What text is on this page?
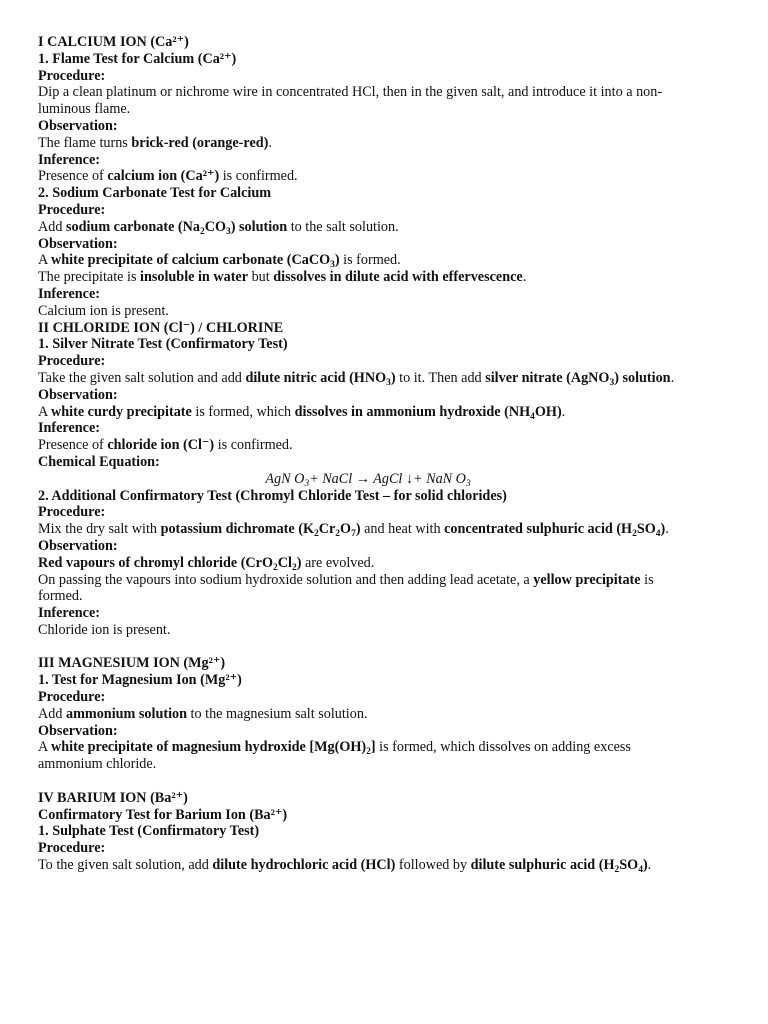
I CALCIUM ION (Ca²⁺)
1. Flame Test for Calcium (Ca²⁺)
Procedure:
Dip a clean platinum or nichrome wire in concentrated HCl, then in the given salt, and introduce it into a non-luminous flame.
Observation:
The flame turns brick-red (orange-red).
Inference:
Presence of calcium ion (Ca²⁺) is confirmed.
2. Sodium Carbonate Test for Calcium
Procedure:
Add sodium carbonate $(Na_2CO_3)$ solution to the salt solution.
Observation:
A white precipitate of calcium carbonate (CaCO$_3$) is formed.
The precipitate is insoluble in water but dissolves in dilute acid with effervescence.
Inference:
Calcium ion is present.
II CHLORIDE ION (Cl⁻) / CHLORINE
1. Silver Nitrate Test (Confirmatory Test)
Procedure:
Take the given salt solution and add dilute nitric acid $(HNO_3)$ to it. Then add silver nitrate (AgNO$_3$) solution.
Observation:
A white curdy precipitate is formed, which dissolves in ammonium hydroxide $(NH_4OH)$.
Inference:
Presence of chloride ion (Cl⁻) is confirmed.
Chemical Equation:
AgN $O_3+$ NaCl → AgCl ↓+ NaN $O_3$
2. Additional Confirmatory Test (Chromyl Chloride Test – for solid chlorides)
Procedure:
Mix the dry salt with potassium dichromate $(K_2Cr_2O_7)$ and heat with concentrated sulphuric acid $(H_2SO_4)$.
Observation:
Red vapours of chromyl chloride $(CrO_2Cl_2)$ are evolved.
On passing the vapours into sodium hydroxide solution and then adding lead acetate, a yellow precipitate is formed.
Inference:
Chloride ion is present.
III MAGNESIUM ION (Mg²⁺)
1. Test for Magnesium Ion (Mg²⁺)
Procedure:
Add ammonium solution to the magnesium salt solution.
Observation:
A white precipitate of magnesium hydroxide $[Mg(OH)_2]$ is formed, which dissolves on adding excess ammonium chloride.
IV BARIUM ION (Ba²⁺)
Confirmatory Test for Barium Ion (Ba²⁺)
1. Sulphate Test (Confirmatory Test)
Procedure:
To the given salt solution, add dilute hydrochloric acid (HCl) followed by dilute sulphuric acid $(H_2SO_4)$.
